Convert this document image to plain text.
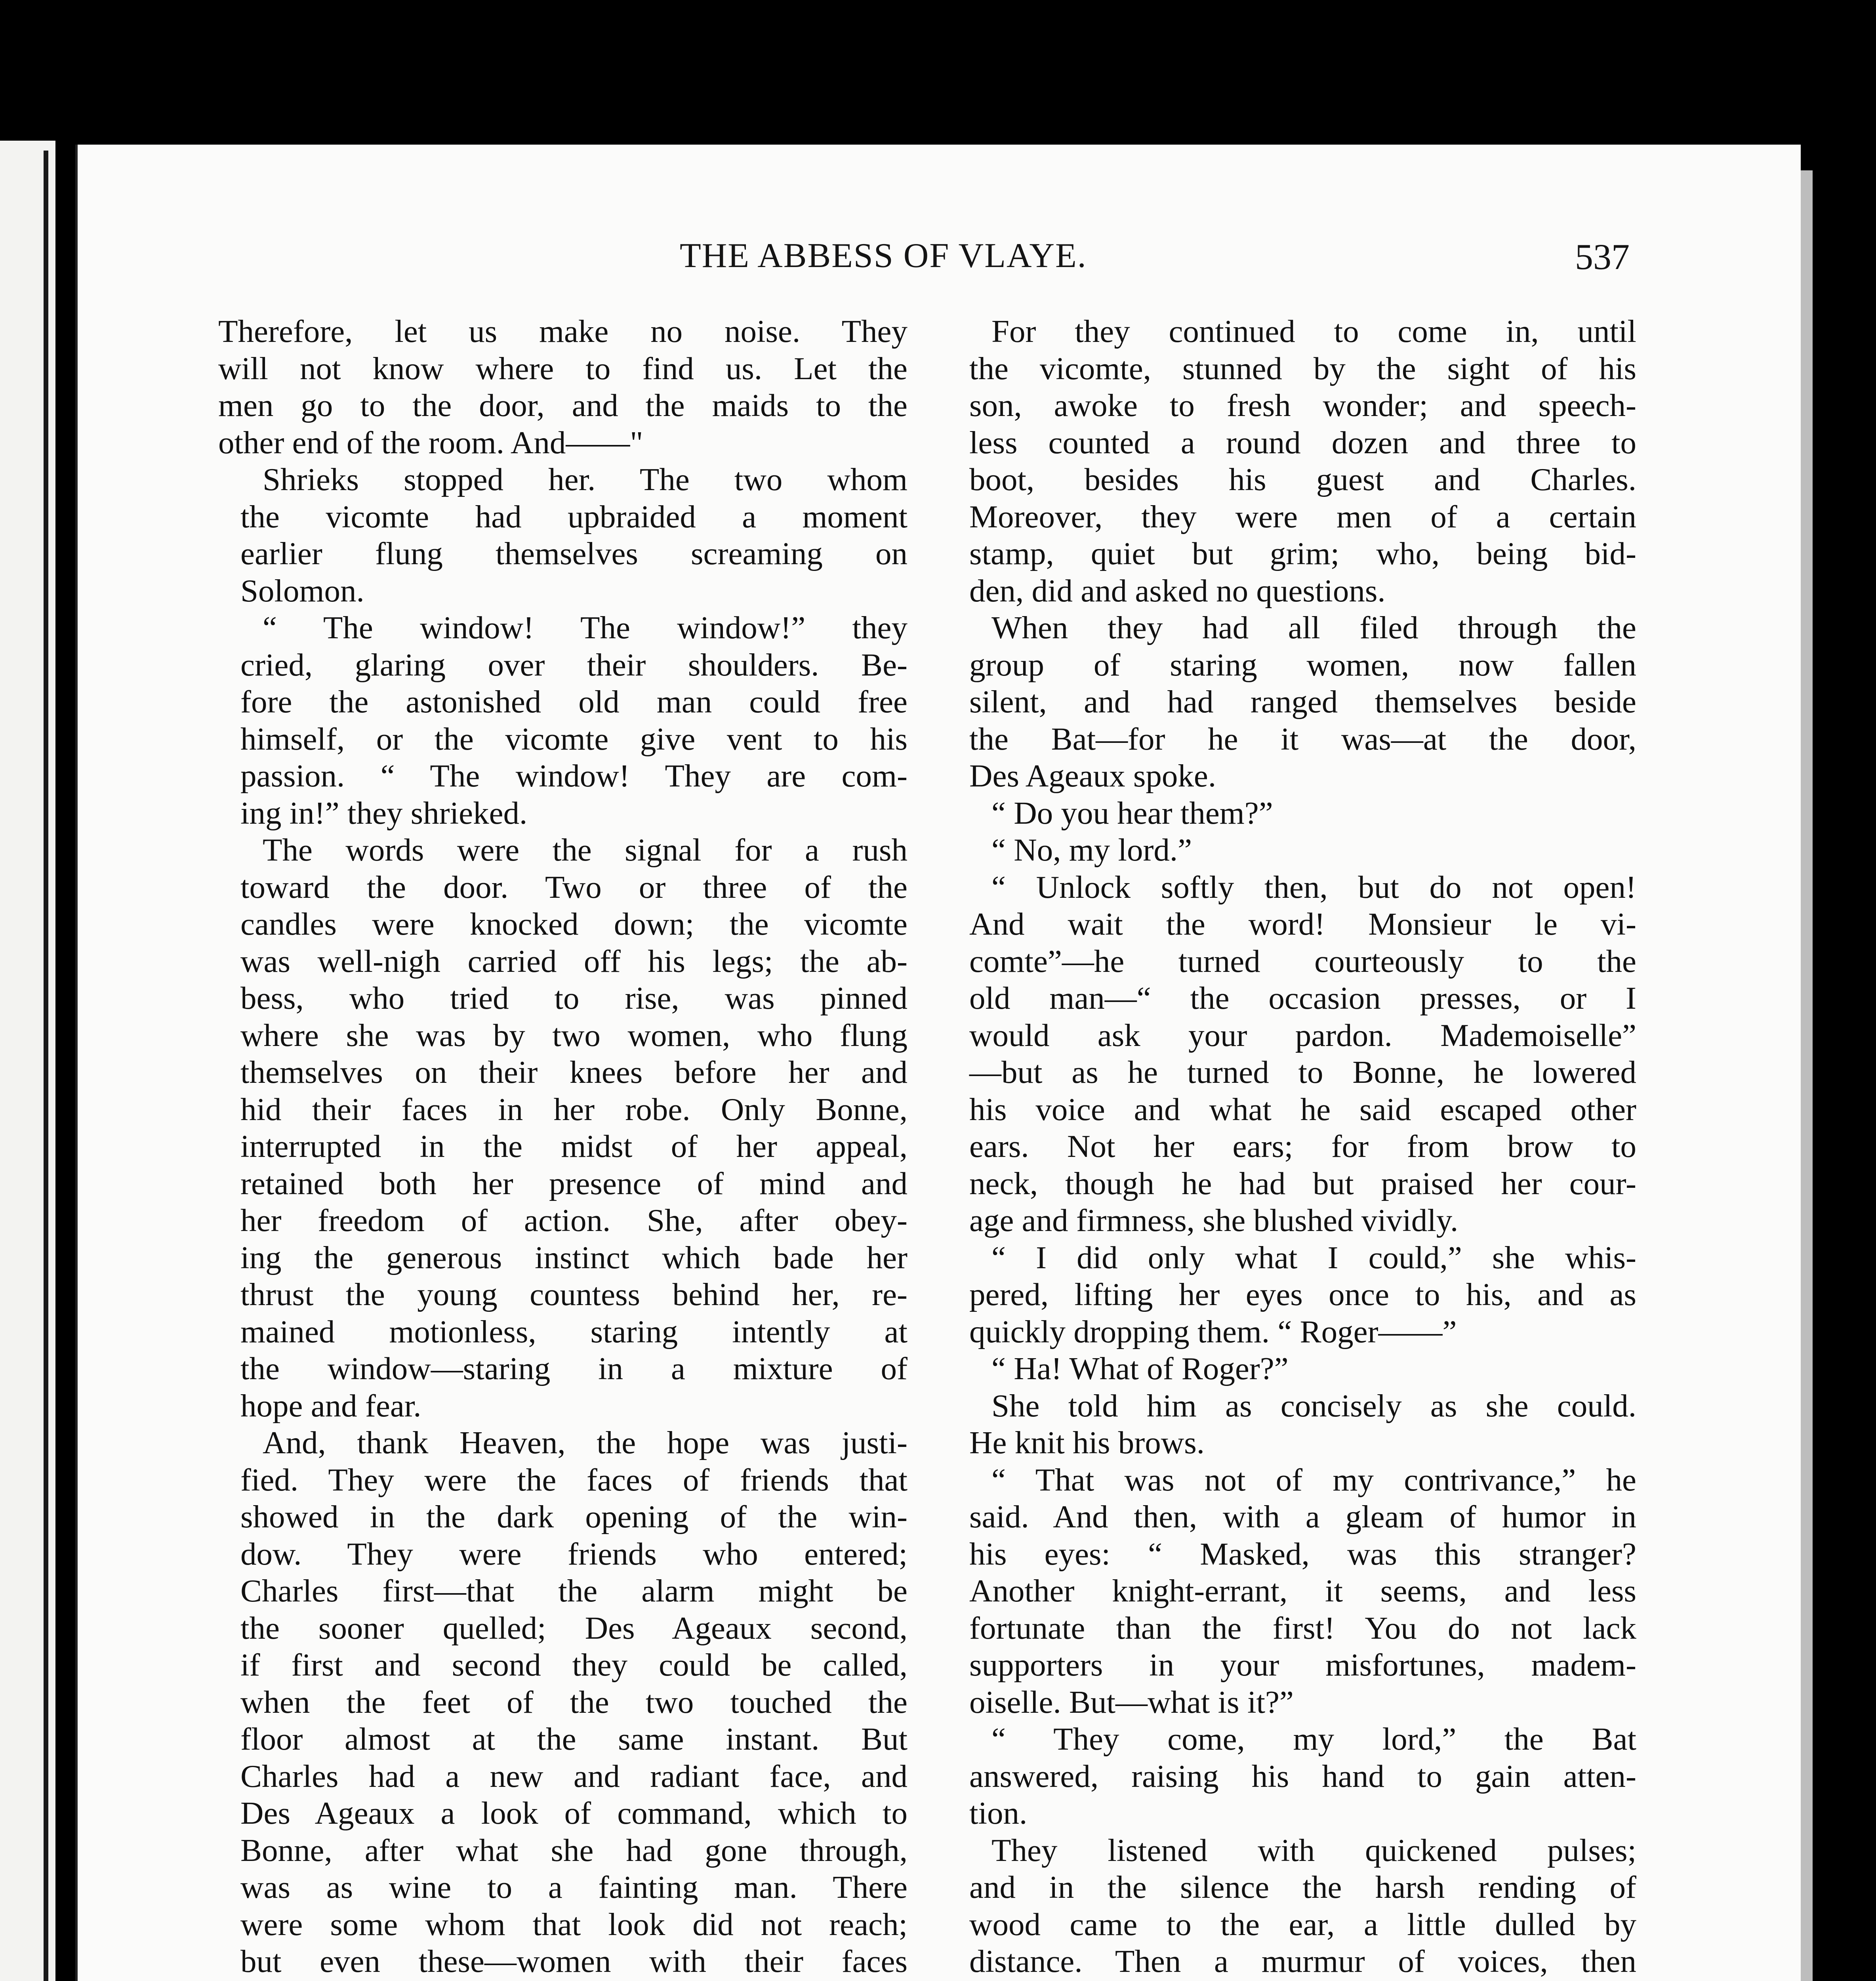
THE ABBESS OF VLAYE.	537

Therefore, let us make no noise. They
will not know where to find us. Let the
men go to the door, and the maids to the
other end of the room. And——"

Shrieks stopped her. The two whom
the vicomte had upbraided a moment
earlier flung themselves screaming on
Solomon.

“ The window! The window!” they
cried, glaring over their shoulders. Be-
fore the astonished old man could free
himself, or the vicomte give vent to his
passion. “ The window! They are com-
ing in!” they shrieked.

The words were the signal for a rush
toward the door. Two or three of the
candles were knocked down; the vicomte
was well-nigh carried off his legs; the ab-
bess, who tried to rise, was pinned
where she was by two women, who flung
themselves on their knees before her and
hid their faces in her robe. Only Bonne,
interrupted in the midst of her appeal,
retained both her presence of mind and
her freedom of action. She, after obey-
ing the generous instinct which bade her
thrust the young countess behind her, re-
mained motionless, staring intently at
the window—staring in a mixture of
hope and fear.

And, thank Heaven, the hope was justi-
fied. They were the faces of friends that
showed in the dark opening of the win-
dow. They were friends who entered;
Charles first—that the alarm might be
the sooner quelled; Des Ageaux second,
if first and second they could be called,
when the feet of the two touched the
floor almost at the same instant. But
Charles had a new and radiant face, and
Des Ageaux a look of command, which to
Bonne, after what she had gone through,
was as wine to a fainting man. There
were some whom that look did not reach;
but even these—women with their faces

For they continued to come in, until
the vicomte, stunned by the sight of his
son, awoke to fresh wonder; and speech-
less counted a round dozen and three to
boot, besides his guest and Charles.
Moreover, they were men of a certain
stamp, quiet but grim; who, being bid-
den, did and asked no questions.

When they had all filed through the
group of staring women, now fallen
silent, and had ranged themselves beside
the Bat—for he it was—at the door,
Des Ageaux spoke.

“ Do you hear them?”

“ No, my lord.”

“ Unlock softly then, but do not open!
And wait the word! Monsieur le vi-
comte”—he turned courteously to the
old man—“ the occasion presses, or I
would ask your pardon. Mademoiselle”
—but as he turned to Bonne, he lowered
his voice and what he said escaped other
ears. Not her ears; for from brow to
neck, though he had but praised her cour-
age and firmness, she blushed vividly.

“ I did only what I could,” she whis-
pered, lifting her eyes once to his, and as
quickly dropping them. “ Roger——”

“ Ha! What of Roger?”

She told him as concisely as she could.
He knit his brows.

“ That was not of my contrivance,” he
said. And then, with a gleam of humor in
his eyes: “ Masked, was this stranger?
Another knight-errant, it seems, and less
fortunate than the first! You do not lack
supporters in your misfortunes, madem-
oiselle. But—what is it?”

“ They come, my lord,” the Bat
answered, raising his hand to gain atten-
tion.

They listened with quickened pulses;
and in the silence the harsh rending of
wood came to the ear, a little dulled by
distance. Then a murmur of voices, then
